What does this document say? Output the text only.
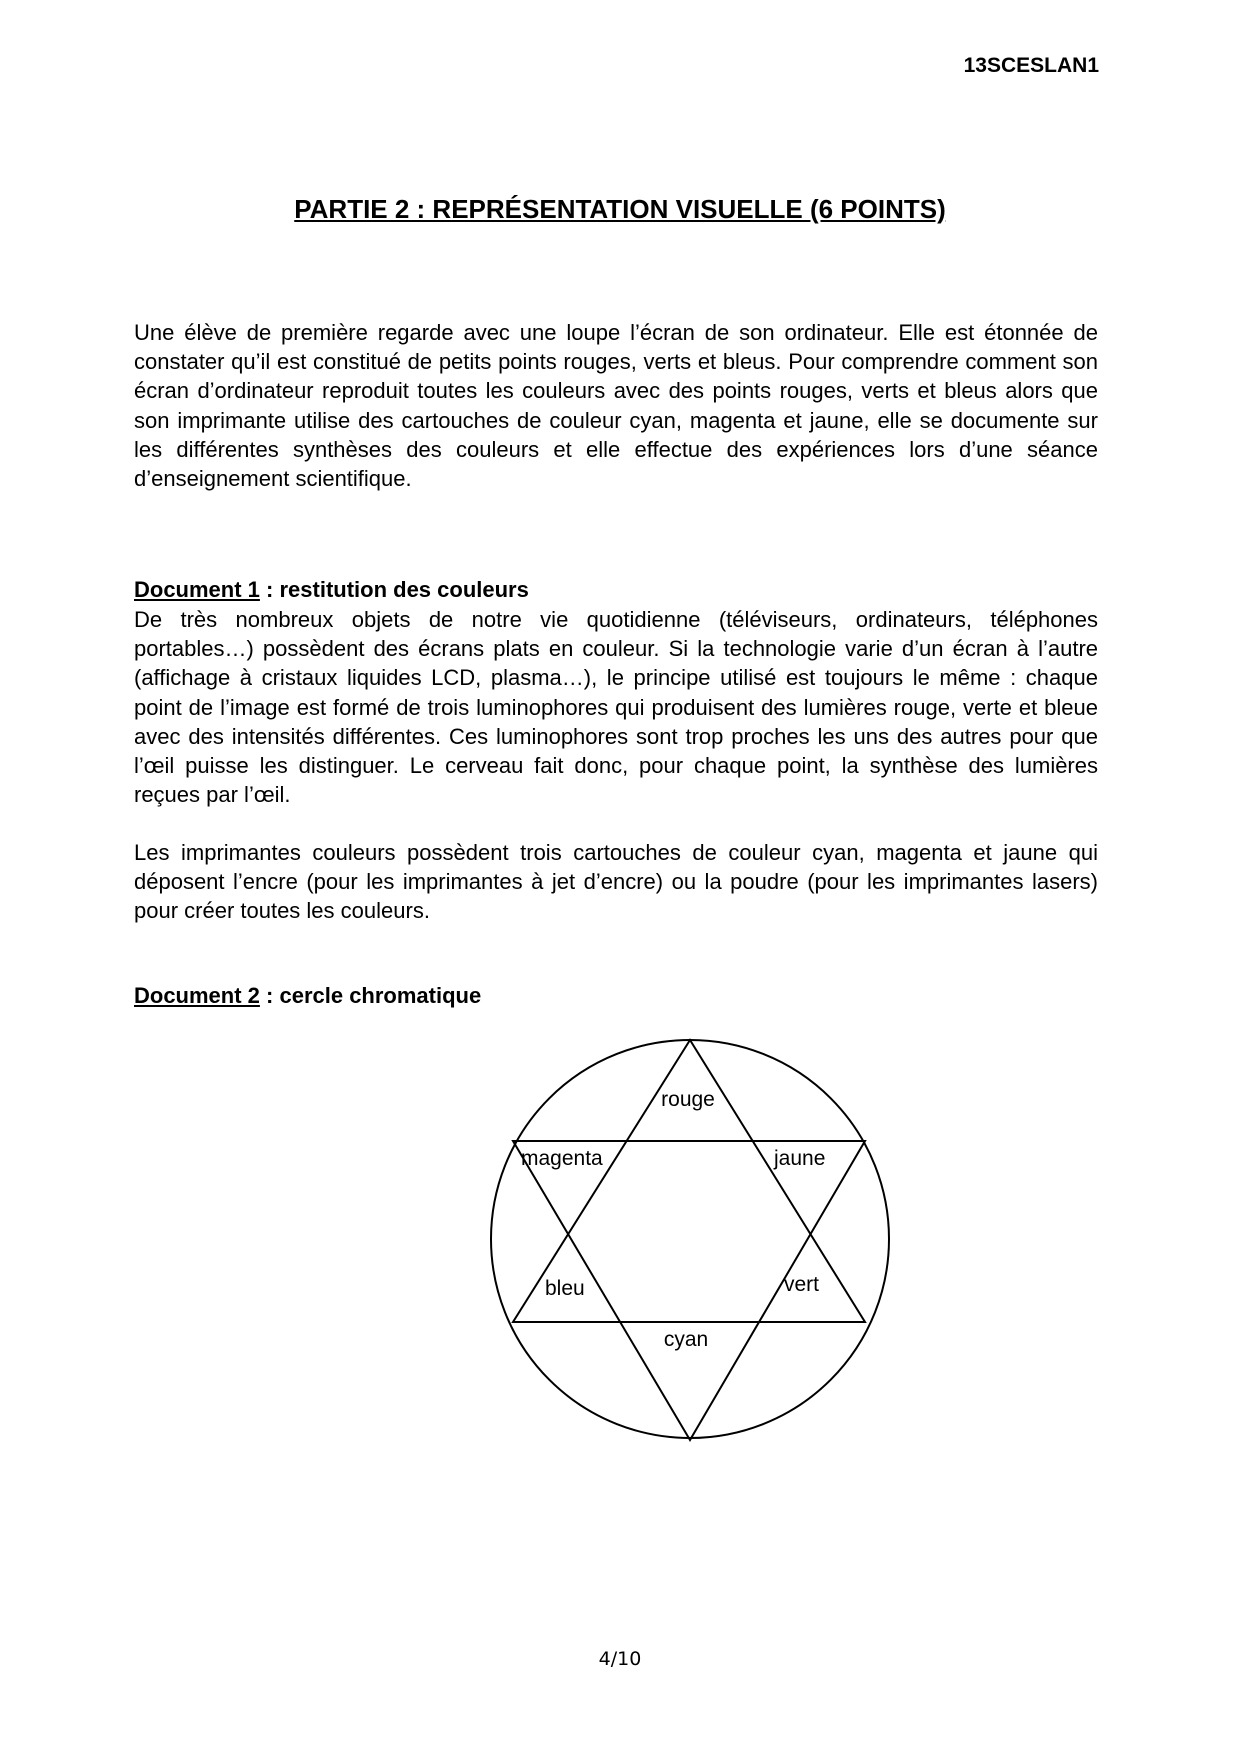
13SCESLAN1
PARTIE 2 : REPRÉSENTATION VISUELLE (6 POINTS)

Une élève de première regarde avec une loupe l’écran de son ordinateur. Elle est étonnée de constater qu’il est constitué de petits points rouges, verts et bleus. Pour comprendre comment son écran d’ordinateur reproduit toutes les couleurs avec des points rouges, verts et bleus alors que son imprimante utilise des cartouches de couleur cyan, magenta et jaune, elle se documente sur les différentes synthèses des couleurs et elle effectue des expériences lors d’une séance d’enseignement scientifique.

Document 1 : restitution des couleurs

De très nombreux objets de notre vie quotidienne (téléviseurs, ordinateurs, téléphones portables…) possèdent des écrans plats en couleur. Si la technologie varie d’un écran à l’autre (affichage à cristaux liquides LCD, plasma…), le principe utilisé est toujours le même : chaque point de l’image est formé de trois luminophores qui produisent des lumières rouge, verte et bleue avec des intensités différentes. Ces luminophores sont trop proches les uns des autres pour que l’œil puisse les distinguer. Le cerveau fait donc, pour chaque point, la synthèse des lumières reçues par l’œil.

Les imprimantes couleurs possèdent trois cartouches de couleur cyan, magenta et jaune qui déposent l’encre (pour les imprimantes à jet d’encre) ou la poudre (pour les imprimantes lasers) pour créer toutes les couleurs.

Document 2 : cercle chromatique
rouge
magenta	jaune
bleu	vert
cyan
4/10
